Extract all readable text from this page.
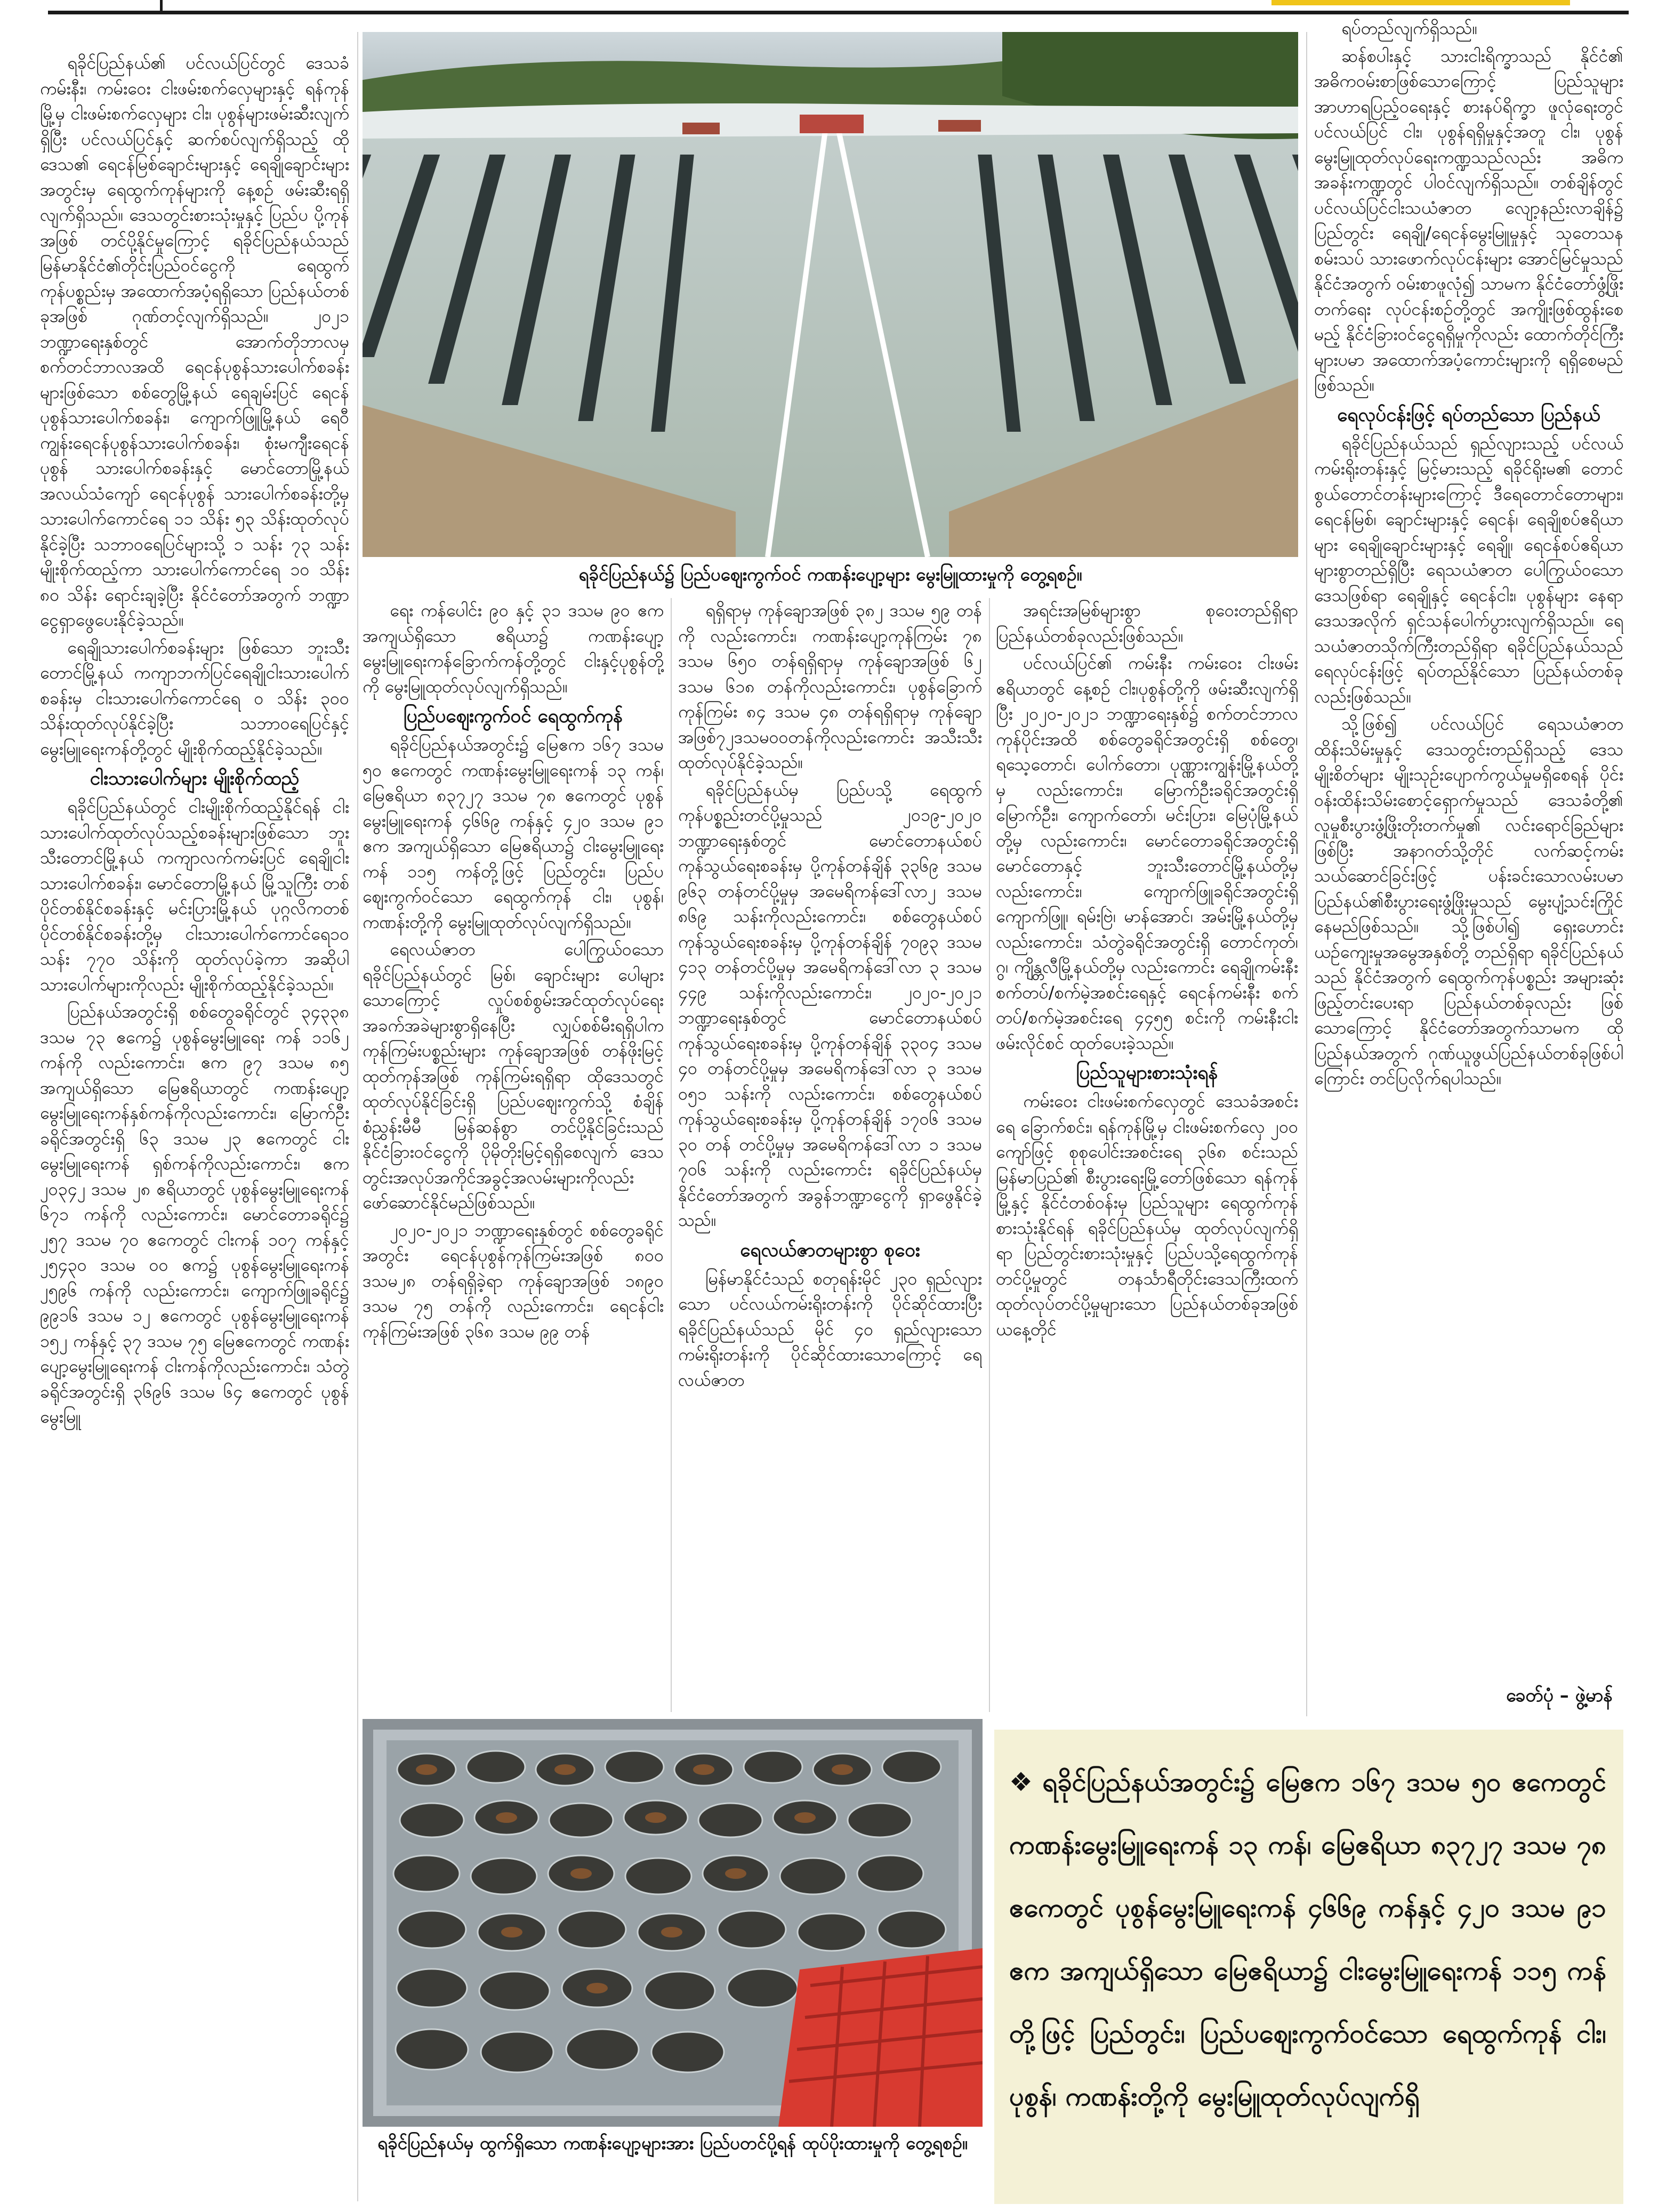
ရခိုင်ပြည်နယ်၏ ပင်လယ်ပြင်တွင် ဒေသခံ ကမ်းနီး၊ ကမ်းဝေး ငါးဖမ်းစက်လှေများနှင့် ရန်ကုန်မြို့မှ ငါးဖမ်းစက်လှေများ ငါး၊ ပုစွန်များဖမ်းဆီးလျက်ရှိပြီး ပင်လယ်ပြင်နှင့် ဆက်စပ်လျက်ရှိသည့် ထိုဒေသ၏ ရေငန်မြစ်ချောင်းများနှင့် ရေချိုချောင်းများအတွင်းမှ ရေထွက်ကုန်များကို နေ့စဉ် ဖမ်းဆီးရရှိလျက်ရှိသည်။ ဒေသတွင်းစားသုံးမှုနှင့် ပြည်ပ ပို့ကုန်အဖြစ် တင်ပို့နိုင်မှုကြောင့် ရခိုင်ပြည်နယ်သည် မြန်မာနိုင်ငံ၏တိုင်းပြည်ဝင်ငွေကို ရေထွက်ကုန်ပစ္စည်းမှ အထောက်အပံ့ရရှိသော ပြည်နယ်တစ်ခုအဖြစ် ဂုဏ်တင့်လျက်ရှိသည်။ ၂၀၂၁ ဘဏ္ဍာရေးနှစ်တွင် အောက်တိုဘာလမှ စက်တင်ဘာလအထိ ရေငန်ပုစွန်သားပေါက်စခန်းများဖြစ်သော စစ်တွေမြို့နယ် ရေချမ်းပြင် ရေငန်ပုစွန်သားပေါက်စခန်း၊ ကျောက်ဖြူမြို့နယ် ရေဝီကျွန်းရေငန်ပုစွန်သားပေါက်စခန်း၊ စုံးမကျီးရေငန်ပုစွန် သားပေါက်စခန်းနှင့် မောင်တောမြို့နယ် အလယ်သံကျော် ရေငန်ပုစွန် သားပေါက်စခန်းတို့မှ သားပေါက်ကောင်ရေ ၁၁ သိန်း ၅၃ သိန်းထုတ်လုပ်နိုင်ခဲ့ပြီး သဘာဝရေပြင်များသို့ ၁ သန်း ၇၃ သန်း မျိုးစိုက်ထည့်ကာ သားပေါက်ကောင်ရေ ၁၀ သိန်း ၈၀ သိန်း ရောင်းချခဲ့ပြီး နိုင်ငံတော်အတွက် ဘဏ္ဍာငွေရှာဖွေပေးနိုင်ခဲ့သည်။

ရေချိုသားပေါက်စခန်းများ ဖြစ်သော ဘူးသီးတောင်မြို့နယ် ကကျာဘက်ပြင်ရေချိုငါးသားပေါက် စခန်းမှ ငါးသားပေါက်ကောင်ရေ ၀ သိန်း ၃၀၀ သိန်းထုတ်လုပ်နိုင်ခဲ့ပြီး သဘာဝရေပြင်နှင့်မွေးမြူရေးကန်တို့တွင် မျိုးစိုက်ထည့်နိုင်ခဲ့သည်။

ငါးသားပေါက်များ မျိုးစိုက်ထည့်

ရခိုင်ပြည်နယ်တွင် ငါးမျိုးစိုက်ထည့်နိုင်ရန် ငါးသားပေါက်ထုတ်လုပ်သည့်စခန်းများဖြစ်သော ဘူးသီးတောင်မြို့နယ် ကကျာလက်ကမ်းပြင် ရေချိုငါးသားပေါက်စခန်း၊ မောင်တောမြို့နယ် မြို့သူကြီး တစ်ပိုင်တစ်နိုင်စခန်းနှင့် မင်းပြားမြို့နယ် ပုဂ္ဂလိကတစ်ပိုင်တစ်နိုင်စခန်းတို့မှ ငါးသားပေါက်ကောင်ရေ၁၀ သန်း ၇၇၀ သိန်းကို ထုတ်လုပ်ခဲ့ကာ အဆိုပါသားပေါက်များကိုလည်း မျိုးစိုက်ထည့်နိုင်ခဲ့သည်။

ပြည်နယ်အတွင်းရှိ စစ်တွေခရိုင်တွင် ၃၄၃၃၈ ဒသမ ၇၃ ဧကေ၌ ပုစွန်မွေးမြူရေး ကန် ၁၁၆၂ ကန်ကို လည်းကောင်း၊ ဧက ၉၇ ဒသမ ၈၅ အကျယ်ရှိသော မြေဧရိယာတွင် ကဏန်းပျော့မွေးမြူရေးကန်နှစ်ကန်ကိုလည်းကောင်း၊ မြောက်ဦးခရိုင်အတွင်းရှိ ၆၃ ဒသမ ၂၃ ဧကေတွင် ငါးမွေးမြူရေးကန် ရှစ်ကန်ကိုလည်းကောင်း၊ ဧက ၂၀၃၄၂ ဒသမ ၂၈ ဧရိယာတွင် ပုစွန်မွေးမြူရေးကန် ၆၇၁ ကန်ကို လည်းကောင်း၊ မောင်တောခရိုင်၌ ၂၅၇ ဒသမ ၇၀ ဧကေတွင် ငါးကန် ၁၀၇ ကန်နှင့် ၂၅၄၃၀ ဒသမ ၀၀ ဧက၌ ပုစွန်မွေးမြူရေးကန် ၂၅၉၆ ကန်ကို လည်းကောင်း၊ ကျောက်ဖြူခရိုင်၌ ၉၉၁၆ ဒသမ ၁၂ ဧကေတွင် ပုစွန်မွေးမြူရေးကန် ၁၅၂ ကန်နှင့် ၃၇ ဒသမ ၇၅ မြေဧကေတွင် ကဏန်းပျော့မွေးမြူရေးကန် ငါးကန်ကိုလည်းကောင်း၊ သံတွဲခရိုင်အတွင်းရှိ ၃၆၉၆ ဒသမ ၆၄ ဧကေတွင် ပုစွန်မွေးမြူ

ရခိုင်ပြည်နယ်၌ ပြည်ပဈေးကွက်ဝင် ကဏန်းပျော့များ မွေးမြူထားမှုကို တွေ့ရစဉ်။

ရေး ကန်ပေါင်း ၉၀ နှင့် ၃၁ ဒသမ ၉၀ ဧက အကျယ်ရှိသော ဧရိယာ၌ ကဏန်းပျော့ မွေးမြူရေးကန်ခြောက်ကန်တို့တွင် ငါးနှင့်ပုစွန်တို့ကို မွေးမြူထုတ်လုပ်လျက်ရှိသည်။

ပြည်ပဈေးကွက်ဝင် ရေထွက်ကုန်

ရခိုင်ပြည်နယ်အတွင်း၌ မြေဧက ၁၆၇ ဒသမ ၅၀ ဧကေတွင် ကဏန်းမွေးမြူရေးကန် ၁၃ ကန်၊ မြေဧရိယာ ၈၃၇၂၇ ဒသမ ၇၈ ဧကေတွင် ပုစွန်မွေးမြူရေးကန် ၄၆၆၉ ကန်နှင့် ၄၂၀ ဒသမ ၉၁ ဧက အကျယ်ရှိသော မြေဧရိယာ၌ ငါးမွေးမြူရေးကန် ၁၁၅ ကန်တို့ဖြင့် ပြည်တွင်း၊ ပြည်ပဈေးကွက်ဝင်သော ရေထွက်ကုန် ငါး၊ ပုစွန်၊ ကဏန်းတို့ကို မွေးမြူထုတ်လုပ်လျက်ရှိသည်။

ရေလယ်ဇာတ ပေါကြွယ်ဝသော ရခိုင်ပြည်နယ်တွင် မြစ်၊ ချောင်းများ ပေါများသောကြောင့် လှုပ်စစ်စွမ်းအင်ထုတ်လုပ်ရေး အခက်အခဲများစွာရှိနေပြီး လျှပ်စစ်မီးရရှိပါက ကုန်ကြမ်းပစ္စည်းများ ကုန်ချောအဖြစ် တန်ဖိုးမြင့်ထုတ်ကုန်အဖြစ် ကုန်ကြမ်းရရှိရာ ထိုဒေသတွင် ထုတ်လုပ်နိုင်ခြင်းရှိ ပြည်ပဈေးကွက်သို့ စံချိန်စံညွှန်းမီမီ မြန်ဆန်စွာ တင်ပို့နိုင်ခြင်းသည် နိုင်ငံခြားဝင်ငွေကို ပိုမိုတိုးမြင့်ရရှိစေလျက် ဒေသတွင်းအလုပ်အကိုင်အခွင့်အလမ်းများကိုလည်း ဖော်ဆောင်နိုင်မည်ဖြစ်သည်။

၂၀၂၀-၂၀၂၁ ဘဏ္ဍာရေးနှစ်တွင် စစ်တွေခရိုင်အတွင်း ရေငန်ပုစွန်ကုန်ကြမ်းအဖြစ် ၈၀၀ ဒသမ၂၈ တန်ရရှိခဲ့ရာ ကုန်ချောအဖြစ် ၁၈၉၀ ဒသမ ၇၅ တန်ကို လည်းကောင်း၊ ရေငန်ငါးကုန်ကြမ်းအဖြစ် ၃၆၈ ဒသမ ၉၉ တန်

ရရှိရာမှ ကုန်ချောအဖြစ် ၃၈၂ ဒသမ ၅၉ တန်ကို လည်းကောင်း၊ ကဏန်းပျော့ကုန်ကြမ်း ၇၈ ဒသမ ၆၅၀ တန်ရရှိရာမှ ကုန်ချောအဖြစ် ၆၂ ဒသမ ၆၁၈ တန်ကိုလည်းကောင်း၊ ပုစွန်ခြောက်ကုန်ကြမ်း ၈၄ ဒသမ ၄၈ တန်ရရှိရာမှ ကုန်ချောအဖြစ်၇၂ဒသမ၀၀တန်ကိုလည်းကောင်း အသီးသီးထုတ်လုပ်နိုင်ခဲ့သည်။

ရခိုင်ပြည်နယ်မှ ပြည်ပသို့ ရေထွက်ကုန်ပစ္စည်းတင်ပို့မှုသည် ၂၀၁၉-၂၀၂၀ ဘဏ္ဍာရေးနှစ်တွင် မောင်တောနယ်စပ်ကုန်သွယ်ရေးစခန်းမှ ပို့ကုန်တန်ချိန် ၃၃၆၉ ဒသမ ၉၆၃ တန်တင်ပို့မှုမှ အမေရိကန်ဒေါ်လာ၂ ဒသမ ၈၆၉ သန်းကိုလည်းကောင်း၊ စစ်တွေနယ်စပ်ကုန်သွယ်ရေးစခန်းမှ ပို့ကုန်တန်ချိန် ၇၀၉၃ ဒသမ ၄၁၃ တန်တင်ပို့မှုမှ အမေရိကန်ဒေါ်လာ ၃ ဒသမ ၄၄၉ သန်းကိုလည်းကောင်း၊ ၂၀၂၀-၂၀၂၁ ဘဏ္ဍာရေးနှစ်တွင် မောင်တောနယ်စပ် ကုန်သွယ်ရေးစခန်းမှ ပို့ကုန်တန်ချိန် ၃၃၀၄ ဒသမ ၄၀ တန်တင်ပို့မှုမှ အမေရိကန်ဒေါ်လာ ၃ ဒသမ ၀၅၁ သန်းကို လည်းကောင်း၊ စစ်တွေနယ်စပ်ကုန်သွယ်ရေးစခန်းမှ ပို့ကုန်တန်ချိန် ၁၇၀၆ ဒသမ ၃၀ တန် တင်ပို့မှုမှ အမေရိကန်ဒေါ်လာ ၁ ဒသမ ၇၀၆ သန်းကို လည်းကောင်း ရခိုင်ပြည်နယ်မှ နိုင်ငံတော်အတွက် အခွန်ဘဏ္ဍာငွေကို ရှာဖွေနိုင်ခဲ့သည်။

ရေလယ်ဇာတများစွာ စုဝေး

မြန်မာနိုင်ငံသည် စတုရန်းမိုင် ၂၃၀ ရှည်လျားသော ပင်လယ်ကမ်းရိုးတန်းကို ပိုင်ဆိုင်ထားပြီး ရခိုင်ပြည်နယ်သည် မိုင် ၄၀ ရှည်လျားသော ကမ်းရိုးတန်းကို ပိုင်ဆိုင်ထားသောကြောင့် ရေလယ်ဇာတ

အရင်းအမြစ်များစွာ စုဝေးတည်ရှိရာ ပြည်နယ်တစ်ခုလည်းဖြစ်သည်။

ပင်လယ်ပြင်၏ ကမ်းနီး ကမ်းဝေး ငါးဖမ်းဧရိယာတွင် နေ့စဉ် ငါး၊ပုစွန်တို့ကို ဖမ်းဆီးလျက်ရှိပြီး ၂၀၂၀-၂၀၂၁ ဘဏ္ဍာရေးနှစ်၌ စက်တင်ဘာလ ကုန်ပိုင်းအထိ စစ်တွေခရိုင်အတွင်းရှိ စစ်တွေ၊ ရသေ့တောင်၊ ပေါက်တော၊ ပုဏ္ဏားကျွန်းမြို့နယ်တို့မှ လည်းကောင်း၊ မြောက်ဦးခရိုင်အတွင်းရှိ မြောက်ဦး၊ ကျောက်တော်၊ မင်းပြား၊ မြေပုံမြို့နယ်တို့မှ လည်းကောင်း၊ မောင်တောခရိုင်အတွင်းရှိ မောင်တောနှင့် ဘူးသီးတောင်မြို့နယ်တို့မှလည်းကောင်း၊ ကျောက်ဖြူခရိုင်အတွင်းရှိ ကျောက်ဖြူ၊ ရမ်းဗြဲ၊ မာန်အောင်၊ အမ်းမြို့နယ်တို့မှ လည်းကောင်း၊ သံတွဲခရိုင်အတွင်းရှိ တောင်ကုတ်၊ ဂွ၊ ကျိန္တလီမြို့နယ်တို့မှ လည်းကောင်း ရေချိုကမ်းနီး စက်တပ်/စက်မဲ့အစင်းရေနှင့် ရေငန်ကမ်းနီး စက်တပ်/စက်မဲ့အစင်းရေ ၄၄၅၅ စင်းကို ကမ်းနီးငါးဖမ်းလိုင်စင် ထုတ်ပေးခဲ့သည်။

ပြည်သူများစားသုံးရန်

ကမ်းဝေး ငါးဖမ်းစက်လှေတွင် ဒေသခံအစင်းရေ ခြောက်စင်း၊ ရန်ကုန်မြို့မှ ငါးဖမ်းစက်လှေ ၂၀၀ ကျော်ဖြင့် စုစုပေါင်းအစင်းရေ ၃၆၈ စင်းသည် မြန်မာပြည်၏ စီးပွားရေးမြို့တော်ဖြစ်သော ရန်ကုန်မြို့နှင့် နိုင်ငံတစ်ဝန်းမှ ပြည်သူများ ရေထွက်ကုန်စားသုံးနိုင်ရန် ရခိုင်ပြည်နယ်မှ ထုတ်လုပ်လျက်ရှိရာ ပြည်တွင်းစားသုံးမှုနှင့် ပြည်ပသို့ရေထွက်ကုန်တင်ပို့မှုတွင် တနင်္သာရီတိုင်းဒေသကြီးထက် ထုတ်လုပ်တင်ပို့မှုများသော ပြည်နယ်တစ်ခုအဖြစ် ယနေ့တိုင်

ရပ်တည်လျက်ရှိသည်။

ဆန်စပါးနှင့် သားငါးရိက္ခာသည် နိုင်ငံ၏ အဓိကဝမ်းစာဖြစ်သောကြောင့် ပြည်သူများ အာဟာရပြည့်ဝရေးနှင့် စားနပ်ရိက္ခာ ဖူလုံရေးတွင် ပင်လယ်ပြင် ငါး၊ ပုစွန်ရရှိမှုနှင့်အတူ ငါး၊ ပုစွန် မွေးမြူထုတ်လုပ်ရေးကဏ္ဍသည်လည်း အဓိက အခန်းကဏ္ဍတွင် ပါဝင်လျက်ရှိသည်။ တစ်ချိန်တွင် ပင်လယ်ပြင်ငါးသယံဇာတ လျော့နည်းလာချိန်၌ ပြည်တွင်း ရေချို/ရေငန်မွေးမြူမှုနှင့် သုတေသနစမ်းသပ် သားဖောက်လုပ်ငန်းများ အောင်မြင်မှုသည် နိုင်ငံအတွက် ဝမ်းစာဖူလုံ၍ သာမက နိုင်ငံတော်ဖွံ့ဖြိုးတက်ရေး လုပ်ငန်းစဉ်တို့တွင် အကျိုးဖြစ်ထွန်းစေမည့် နိုင်ငံခြားဝင်ငွေရရှိမှုကိုလည်း ထောက်တိုင်ကြီးများပမာ အထောက်အပံ့ကောင်းများကို ရရှိစေမည်ဖြစ်သည်။

ရေလုပ်ငန်းဖြင့် ရပ်တည်သော ပြည်နယ်

ရခိုင်ပြည်နယ်သည် ရှည်လျားသည့် ပင်လယ်ကမ်းရိုးတန်းနှင့် မြင့်မားသည့် ရခိုင်ရိုးမ၏ တောင်စွယ်တောင်တန်းများကြောင့် ဒီရေတောင်တောများ၊ ရေငန်မြစ်၊ ချောင်းများနှင့် ရေငန်၊ ရေချိုစပ်ဧရိယာများ ရေချိုချောင်းများနှင့် ရေချို၊ ရေငန်စပ်ဧရိယာ များစွာတည်ရှိပြီး ရေသယံဇာတ ပေါကြွယ်ဝသော ဒေသဖြစ်ရာ ရေချိုနှင့် ရေငန်ငါး၊ ပုစွန်များ နေရာဒေသအလိုက် ရှင်သန်ပေါက်ပွားလျက်ရှိသည်။ ရေသယံဇာတသိုက်ကြီးတည်ရှိရာ ရခိုင်ပြည်နယ်သည် ရေလုပ်ငန်းဖြင့် ရပ်တည်နိုင်သော ပြည်နယ်တစ်ခုလည်းဖြစ်သည်။

သို့ဖြစ်၍ ပင်လယ်ပြင် ရေသယံဇာတ ထိန်းသိမ်းမှုနှင့် ဒေသတွင်းတည်ရှိသည့် ဒေသမျိုးစိတ်များ မျိုးသုဉ်းပျောက်ကွယ်မှုမရှိစေရန် ပိုင်းဝန်းထိန်းသိမ်းစောင့်ရှောက်မှုသည် ဒေသခံတို့၏ လူမှုစီးပွားဖွံ့ဖြိုးတိုးတက်မှု၏ လင်းရောင်ခြည်များဖြစ်ပြီး အနာဂတ်သို့တိုင် လက်ဆင့်ကမ်းသယ်ဆောင်ခြင်းဖြင့် ပန်းခင်းသောလမ်းပမာ ပြည်နယ်၏စီးပွားရေးဖွံ့ဖြိုးမှုသည် မွေးပျံ့သင်းကြိုင်နေမည်ဖြစ်သည်။ သို့ဖြစ်ပါ၍ ရှေးဟောင်းယဉ်ကျေးမှုအမွေအနှစ်တို့ တည်ရှိရာ ရခိုင်ပြည်နယ်သည် နိုင်ငံအတွက် ရေထွက်ကုန်ပစ္စည်း အများဆုံး ဖြည့်တင်းပေးရာ ပြည်နယ်တစ်ခုလည်း ဖြစ်သောကြောင့် နိုင်ငံတော်အတွက်သာမက ထိုပြည်နယ်အတွက် ဂုဏ်ယူဖွယ်ပြည်နယ်တစ်ခုဖြစ်ပါကြောင်း တင်ပြလိုက်ရပါသည်။

ခေတ်ပုံ – ဖွဲ့မာန်
ရခိုင်ပြည်နယ်မှ ထွက်ရှိသော ကဏန်းပျော့များအား ပြည်ပတင်ပို့ရန် ထုပ်ပိုးထားမှုကို တွေ့ရစဉ်။
❖ ရခိုင်ပြည်နယ်အတွင်း၌ မြေဧက ၁၆၇ ဒသမ ၅၀ ဧကေတွင် ကဏန်းမွေးမြူရေးကန် ၁၃ ကန်၊ မြေဧရိယာ ၈၃၇၂၇ ဒသမ ၇၈ ဧကေတွင် ပုစွန်မွေးမြူရေးကန် ၄၆၆၉ ကန်နှင့် ၄၂၀ ဒသမ ၉၁ ဧက အကျယ်ရှိသော မြေဧရိယာ၌ ငါးမွေးမြူရေးကန် ၁၁၅ ကန်တို့ဖြင့် ပြည်တွင်း၊ ပြည်ပဈေးကွက်ဝင်သော ရေထွက်ကုန် ငါး၊ ပုစွန်၊ ကဏန်းတို့ကို မွေးမြူထုတ်လုပ်လျက်ရှိ
